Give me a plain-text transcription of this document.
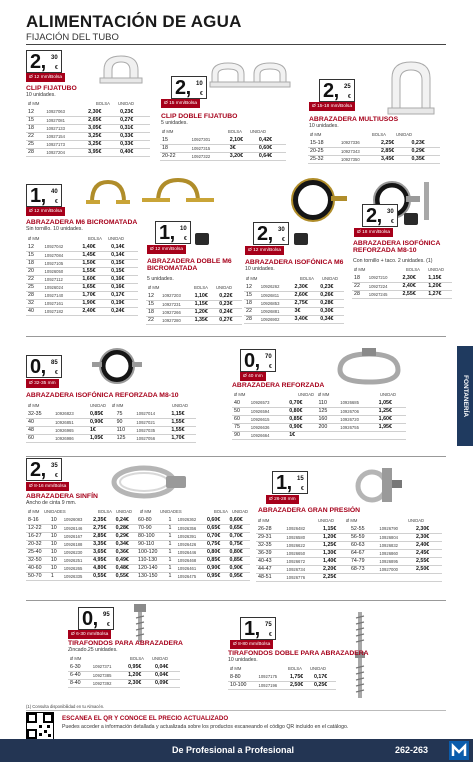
ALIMENTACIÓN DE AGUA
FIJACIÓN DEL TUBO
2, 30
€
Ø 12 mm/Bolsa
CLIP FIJATUBO
10 unidades.
Ø MM	BOLSA UNIDAD
12	10927063	2,30€	0,23€
15	10927081	2,65€	0,27€
18	10927133	3,05€	0,31€
22	10927154	3,25€	0,33€
25	10927173	3,25€	0,33€
28	10927204	3,95€	0,40€
2, 10
€
Ø 15 mm/Bolsa
CLIP DOBLE FIJATUBO
5 unidades.
Ø MM	BOLSA UNIDAD
15	10927301	2,10€	0,42€
18	10927315	3€	0,60€
20-22	10927322	3,20€	0,64€
2, 25
€
Ø 15-18 mm/Bolsa
ABRAZADERA MULTIUSOS
10 unidades.
Ø MM	BOLSA UNIDAD
15-18	10927336	2,25€	0,23€
20-25	10927343	2,85€	0,29€
25-32	10927350	3,45€	0,35€
1, 40
€
Ø 12 mm/Bolsa
ABRAZADERA M6 BICROMATADA
Sin tornillo. 10 unidades.
Ø MM	BOLSA UNIDAD
12	10927042	1,40€	0,14€
15	10927084	1,45€	0,14€
18	10927105	1,50€	0,15€
20	10926050	1,55€	0,15€
22	10927112	1,60€	0,16€
25	10926024	1,65€	0,16€
28	10927140	1,70€	0,17€
32	10927161	1,90€	0,19€
40	10927182	2,40€	0,24€
1, 10
€
Ø 12 mm/Bolsa
ABRAZADERA DOBLE M6 BICROMATADA
5 unidades.
Ø MM	BOLSA UNIDAD
12	10927203	1,10€	0,22€
15	10927231	1,15€	0,23€
18	10927266	1,20€	0,24€
22	10927280	1,35€	0,27€
2, 30
€
Ø 12 mm/Bolsa
ABRAZADERA ISOFÓNICA M6
10 unidades.
Ø MM	BOLSA UNIDAD
12	10926262	2,30€	0,23€
15	10926811	2,60€	0,26€
18	10926853	2,75€	0,28€
22	10926881	3€	0,30€
28	10926902	3,40€	0,34€
2, 30
€
Ø 18 mm/Bolsa
ABRAZADERA ISOFÓNICA REFORZADA M8-10
Con tornillo + taco. 2 unidades. (1)
Ø MM	BOLSA UNIDAD
18	10927210	2,30€	1,15€
22	10927224	2,40€	1,20€
28	10927245	2,55€	1,27€
0, 85
€
Ø 32-35 mm
ABRAZADERA ISOFÓNICA REFORZADA M8-10
Ø MM	UNIDAD Ø MM	UNIDAD
32-35	10926823	0,85€	75	10927014	1,15€
40	10926851	0,90€	90	10927021	1,55€
48	10926965	1€	110	10927035	1,55€
60	10926986	1,05€	125	10927056	1,70€
0, 70
€
Ø 40 mm
ABRAZADERA REFORZADA
Ø MM	UNIDAD Ø MM	UNIDAD
40	10926573	0,70€	110	10926685	1,05€
50	10926594	0,80€	125	10926706	1,25€
60	10926615	0,85€	160	10926720	1,60€
75	10926636	0,90€	200	10926755	1,95€
90	10926664	1€			
2, 35
€
Ø 8-16 mm/Bolsa
ABRAZADERA SINFÍN
Ancho de cinta 9 mm.
Ø MM UNIDADES	BOLSA UNIDAD Ø MM UNIDADES	BOLSA UNIDAD
8-16	10	10926083	2,35€	0,24€	60-80	1	10926362	0,60€	0,60€
12-22	10	10926146	2,75€	0,28€	70-90	1	10926356	0,65€	0,65€
16-27	10	10926167	2,85€	0,29€	80-100	1	10926391	0,70€	0,70€
20-32	10	10926188	3,35€	0,34€	90-110	1	10926426	0,75€	0,75€
25-40	10	10926230	3,65€	0,36€	100-120	1	10926446	0,80€	0,80€
32-50	10	10926251	4,95€	0,49€	110-130	1	10926468	0,85€	0,85€
40-60	10	10926265	4,80€	0,48€	120-140	1	10926461	0,90€	0,90€
50-70	1	10926335	0,55€	0,55€	130-150	1	10926475	0,95€	0,95€
1, 15
€
Ø 26-28 mm
ABRAZADERA GRAN PRESIÓN
Ø MM	UNIDAD	Ø MM	UNIDAD
26-28	10926482	1,15€	52-55	10926790	2,30€
29-31	10926580	1,20€	56-59	10926804	2,30€
32-35	10926622	1,25€	60-63	10926832	2,40€
36-39	10926650	1,30€	64-67	10926860	2,45€
40-43	10926672	1,40€	74-79	10926895	2,55€
44-47	10926734	2,20€	68-73	10927000	2,50€
48-51	10926776	2,25€			
0, 95
€
Ø 6-30 mm/Bolsa
TIRAFONDOS PARA ABRAZADERA
Zincado.25 unidades.
Ø MM	BOLSA UNIDAD
6-30	10927371	0,95€	0,04€
6-40	10927385	1,20€	0,04€
8-40	10927392	2,30€	0,09€
1, 75
€
Ø 8-80 mm/Bolsa
TIRAFONDOS DOBLE PARA ABRAZADERA
10 unidades.
Ø MM	BOLSA UNIDAD
8-80	10927175	1,75€	0,17€
10-100	10927196	2,50€	0,25€
(1) Consulta disponibilidad en tu Almacén.
ESCANEA EL QR Y CONOCE EL PRECIO ACTUALIZADO
Puedes acceder a información detallada y actualizada sobre los productos escaneando el código QR incluido en el catálogo.
FONTANERÍA
De Profesional a Profesional	262-263
